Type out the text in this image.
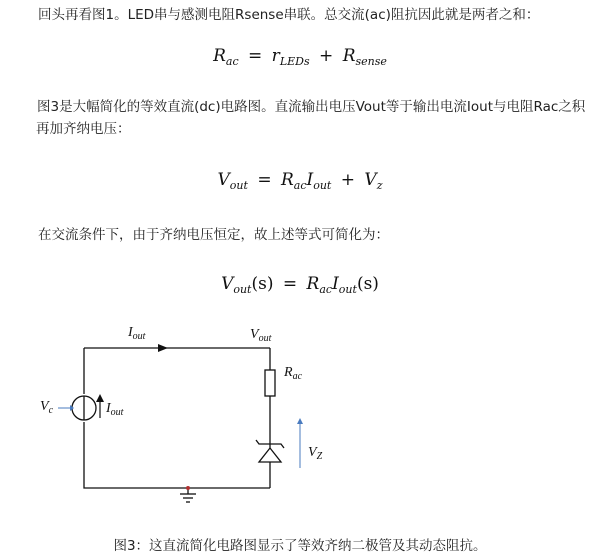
回头再看图1。LED串与感测电阻Rsense串联。总交流(ac)阻抗因此就是两者之和：

$R_{ac} = r_{LEDs} + R_{sense}$

图3是大幅简化的等效直流(dc)电路图。直流输出电压Vout等于输出电流Iout与电阻Rac之积再加齐纳电压：

$V_{out} = R_{ac}I_{out} + V_z$

在交流条件下，由于齐纳电压恒定，故上述等式可简化为：

$V_{out}(s) = R_{ac}I_{out}(s)$
$I_{out}$	$V_{out}$
$R_{ac}$
$V_c$	$I_{out}$
$V_Z$
图3：这直流简化电路图显示了等效齐纳二极管及其动态阻抗。
